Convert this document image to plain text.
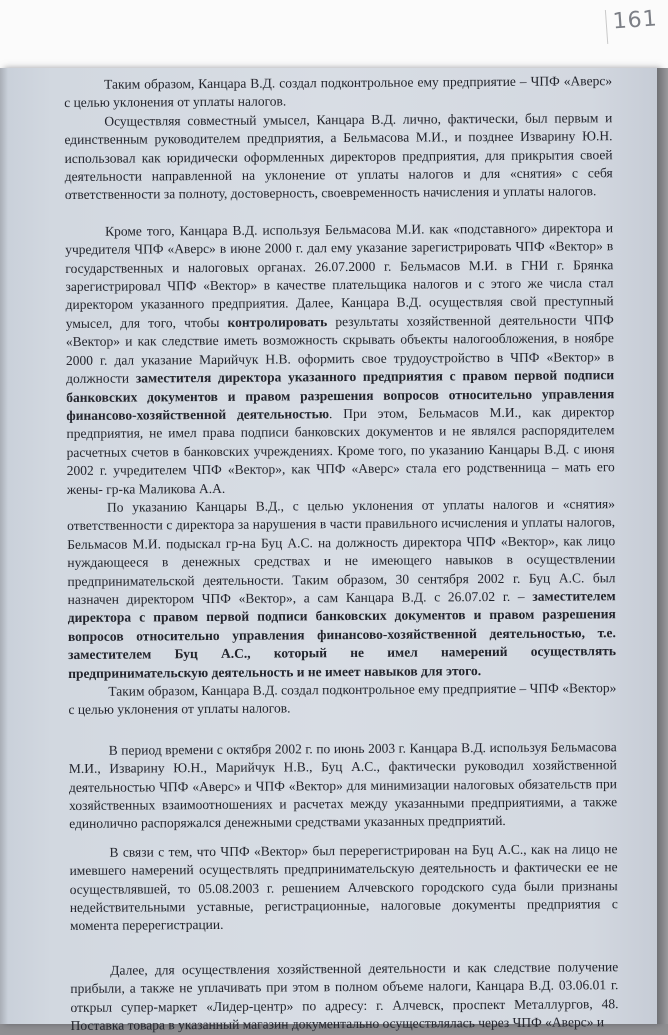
161

Таким образом, Канцара В.Д. создал подконтрольное ему предприятие – ЧПФ «Аверс» с целью уклонения от уплаты налогов.

Осуществляя совместный умысел, Канцара В.Д. лично, фактически, был первым и единственным руководителем предприятия, а Бельмасова М.И., и позднее Изварину Ю.Н. использовал как юридически оформленных директоров предприятия, для прикрытия своей деятельности направленной на уклонение от уплаты налогов и для «снятия» с себя ответственности за полноту, достоверность, своевременность начисления и уплаты налогов.

Кроме того, Канцара В.Д. используя Бельмасова М.И. как «подставного» директора и учредителя ЧПФ «Аверс» в июне 2000 г. дал ему указание зарегистрировать ЧПФ «Вектор» в государственных и налоговых органах. 26.07.2000 г. Бельмасов М.И. в ГНИ г. Брянка зарегистрировал ЧПФ «Вектор» в качестве плательщика налогов и с этого же числа стал директором указанного предприятия. Далее, Канцара В.Д. осуществляя свой преступный умысел, для того, чтобы контролировать результаты хозяйственной деятельности ЧПФ «Вектор» и как следствие иметь возможность скрывать объекты налогообложения, в ноябре 2000 г. дал указание Марийчук Н.В. оформить свое трудоустройство в ЧПФ «Вектор» в должности заместителя директора указанного предприятия с правом первой подписи банковских документов и правом разрешения вопросов относительно управления финансово-хозяйственной деятельностью. При этом, Бельмасов М.И., как директор предприятия, не имел права подписи банковских документов и не являлся распорядителем расчетных счетов в банковских учреждениях. Кроме того, по указанию Канцары В.Д. с июня 2002 г. учредителем ЧПФ «Вектор», как ЧПФ «Аверс» стала его родственница – мать его жены- гр-ка Маликова А.А.

По указанию Канцары В.Д., с целью уклонения от уплаты налогов и «снятия» ответственности с директора за нарушения в части правильного исчисления и уплаты налогов, Бельмасов М.И. подыскал гр-на Буц А.С. на должность директора ЧПФ «Вектор», как лицо нуждающееся в денежных средствах и не имеющего навыков в осуществлении предпринимательской деятельности. Таким образом, 30 сентября 2002 г. Буц А.С. был назначен директором ЧПФ «Вектор», а сам Канцара В.Д. с 26.07.02 г. – заместителем директора с правом первой подписи банковских документов и правом разрешения вопросов относительно управления финансово-хозяйственной деятельностью, т.е. заместителем Буц А.С., который не имел намерений осуществлять предпринимательскую деятельность и не имеет навыков для этого.

Таким образом, Канцара В.Д. создал подконтрольное ему предприятие – ЧПФ «Вектор» с целью уклонения от уплаты налогов.

В период времени с октября 2002 г. по июнь 2003 г. Канцара В.Д. используя Бельмасова М.И., Изварину Ю.Н., Марийчук Н.В., Буц А.С., фактически руководил хозяйственной деятельностью ЧПФ «Аверс» и ЧПФ «Вектор» для минимизации налоговых обязательств при хозяйственных взаимоотношениях и расчетах между указанными предприятиями, а также единолично распоряжался денежными средствами указанных предприятий.

В связи с тем, что ЧПФ «Вектор» был перерегистрирован на Буц А.С., как на лицо не имевшего намерений осуществлять предпринимательскую деятельность и фактически ее не осуществлявшей, то 05.08.2003 г. решением Алчевского городского суда были признаны недействительными уставные, регистрационные, налоговые документы предприятия с момента перерегистрации.

Далее, для осуществления хозяйственной деятельности и как следствие получение прибыли, а также не уплачивать при этом в полном объеме налоги, Канцара В.Д. 03.06.01 г. открыл супер-маркет «Лидер-центр» по адресу: г. Алчевск, проспект Металлургов, 48. Поставка товара в указанный магазин документально осуществлялась через ЧПФ «Аверс» и
